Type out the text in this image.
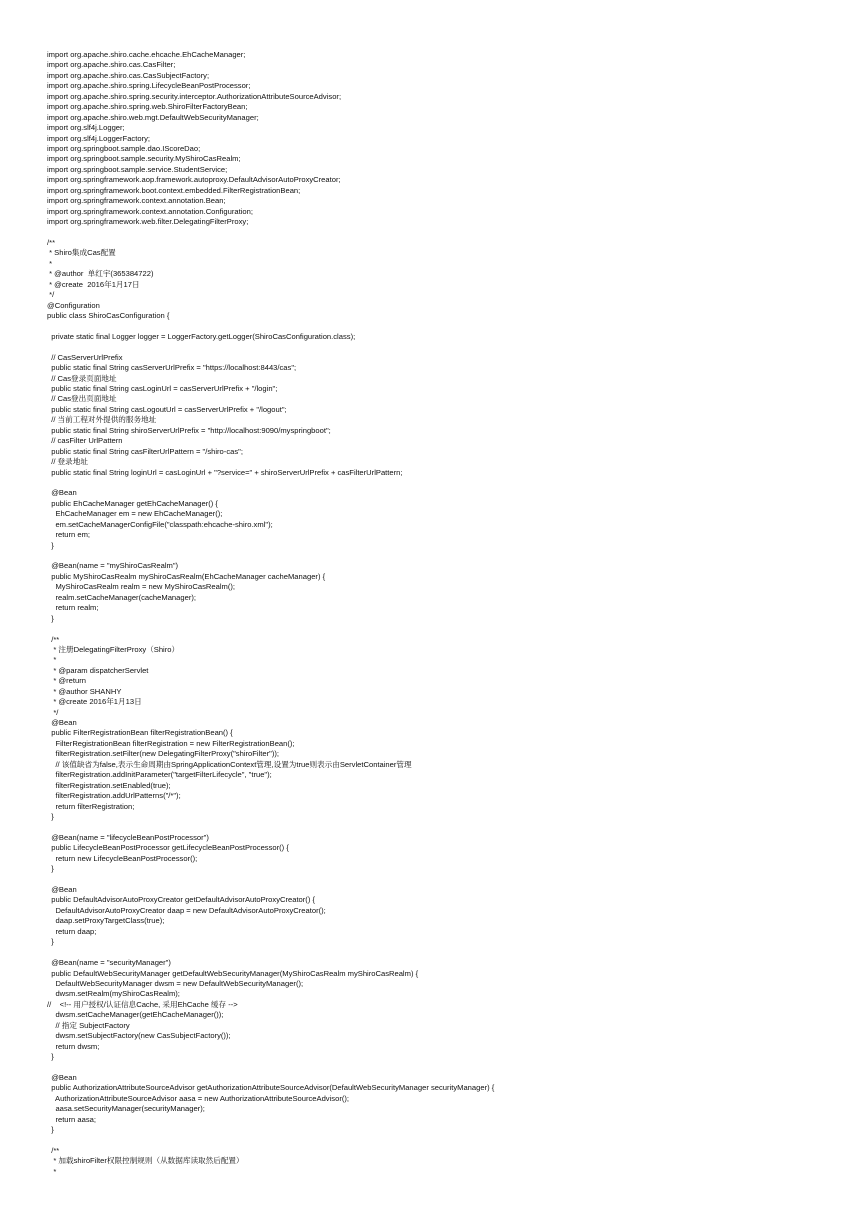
import org.apache.shiro.cache.ehcache.EhCacheManager;
import org.apache.shiro.cas.CasFilter;
import org.apache.shiro.cas.CasSubjectFactory;
import org.apache.shiro.spring.LifecycleBeanPostProcessor;
import org.apache.shiro.spring.security.interceptor.AuthorizationAttributeSourceAdvisor;
import org.apache.shiro.spring.web.ShiroFilterFactoryBean;
import org.apache.shiro.web.mgt.DefaultWebSecurityManager;
import org.slf4j.Logger;
import org.slf4j.LoggerFactory;
import org.springboot.sample.dao.IScoreDao;
import org.springboot.sample.security.MyShiroCasRealm;
import org.springboot.sample.service.StudentService;
import org.springframework.aop.framework.autoproxy.DefaultAdvisorAutoProxyCreator;
import org.springframework.boot.context.embedded.FilterRegistrationBean;
import org.springframework.context.annotation.Bean;
import org.springframework.context.annotation.Configuration;
import org.springframework.web.filter.DelegatingFilterProxy;
/**
* Shiro集成Cas配置
*
* @author  单红宇(365384722)
* @create  2016年1月17日
*/
@Configuration
public class ShiroCasConfiguration {
private static final Logger logger = LoggerFactory.getLogger(ShiroCasConfiguration.class);
// CasServerUrlPrefix
public static final String casServerUrlPrefix = "https://localhost:8443/cas";
// Cas登录页面地址
public static final String casLoginUrl = casServerUrlPrefix + "/login";
// Cas登出页面地址
public static final String casLogoutUrl = casServerUrlPrefix + "/logout";
// 当前工程对外提供的服务地址
public static final String shiroServerUrlPrefix = "http://localhost:9090/myspringboot";
// casFilter UrlPattern
public static final String casFilterUrlPattern = "/shiro-cas";
// 登录地址
public static final String loginUrl = casLoginUrl + "?service=" + shiroServerUrlPrefix + casFilterUrlPattern;
@Bean
public EhCacheManager getEhCacheManager() {
EhCacheManager em = new EhCacheManager();
em.setCacheManagerConfigFile("classpath:ehcache-shiro.xml");
return em;
}
@Bean(name = "myShiroCasRealm")
public MyShiroCasRealm myShiroCasRealm(EhCacheManager cacheManager) {
MyShiroCasRealm realm = new MyShiroCasRealm();
realm.setCacheManager(cacheManager);
return realm;
}
/**
* 注册DelegatingFilterProxy（Shiro）
*
* @param dispatcherServlet
* @return
* @author SHANHY
* @create 2016年1月13日
*/
@Bean
public FilterRegistrationBean filterRegistrationBean() {
FilterRegistrationBean filterRegistration = new FilterRegistrationBean();
filterRegistration.setFilter(new DelegatingFilterProxy("shiroFilter"));
// 该值缺省为false,表示生命周期由SpringApplicationContext管理,设置为true则表示由ServletContainer管理
filterRegistration.addInitParameter("targetFilterLifecycle", "true");
filterRegistration.setEnabled(true);
filterRegistration.addUrlPatterns("/*");
return filterRegistration;
}
@Bean(name = "lifecycleBeanPostProcessor")
public LifecycleBeanPostProcessor getLifecycleBeanPostProcessor() {
return new LifecycleBeanPostProcessor();
}
@Bean
public DefaultAdvisorAutoProxyCreator getDefaultAdvisorAutoProxyCreator() {
DefaultAdvisorAutoProxyCreator daap = new DefaultAdvisorAutoProxyCreator();
daap.setProxyTargetClass(true);
return daap;
}
@Bean(name = "securityManager")
public DefaultWebSecurityManager getDefaultWebSecurityManager(MyShiroCasRealm myShiroCasRealm) {
DefaultWebSecurityManager dwsm = new DefaultWebSecurityManager();
dwsm.setRealm(myShiroCasRealm);
//    <!-- 用户授权/认证信息Cache, 采用EhCache 缓存 -->
dwsm.setCacheManager(getEhCacheManager());
// 指定 SubjectFactory
dwsm.setSubjectFactory(new CasSubjectFactory());
return dwsm;
}
@Bean
public AuthorizationAttributeSourceAdvisor getAuthorizationAttributeSourceAdvisor(DefaultWebSecurityManager securityManager) {
AuthorizationAttributeSourceAdvisor aasa = new AuthorizationAttributeSourceAdvisor();
aasa.setSecurityManager(securityManager);
return aasa;
}
/**
* 加载shiroFilter权限控制规则（从数据库读取然后配置）
*
